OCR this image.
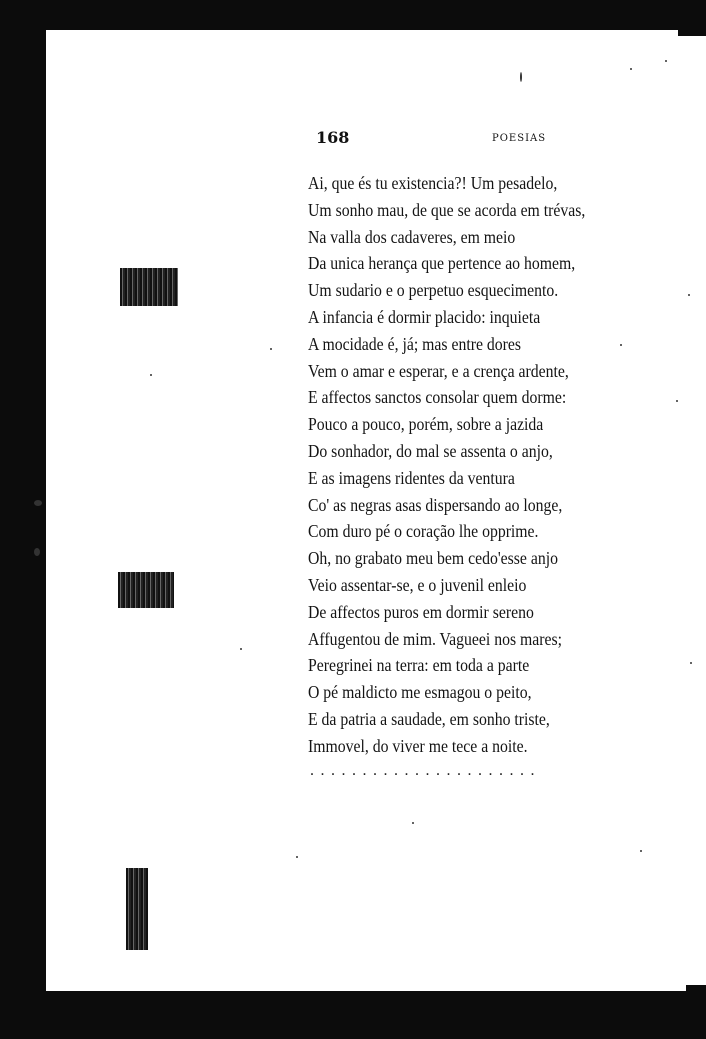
168	POESIAS
Ai, que és tu existencia?! Um pesadelo,
Um sonho mau, de que se acorda em trévas,
Na valla dos cadaveres, em meio
Da unica herança que pertence ao homem,
Um sudario e o perpetuo esquecimento.
A infancia é dormir placido: inquieta
A mocidade é, já; mas entre dores
Vem o amar e esperar, e a crença ardente,
E affectos sanctos consolar quem dorme:
Pouco a pouco, porém, sobre a jazida
Do sonhador, do mal se assenta o anjo,
E as imagens ridentes da ventura
Co' as negras asas dispersando ao longe,
Com duro pé o coração lhe opprime.
Oh, no grabato meu bem cedo'esse anjo
Veio assentar-se, e o juvenil enleio
De affectos puros em dormir sereno
Affugentou de mim. Vagueei nos mares;
Peregrinei na terra: em toda a parte
O pé maldicto me esmagou o peito,
E da patria a saudade, em sonho triste,
Immovel, do viver me tece a noite.
......................
